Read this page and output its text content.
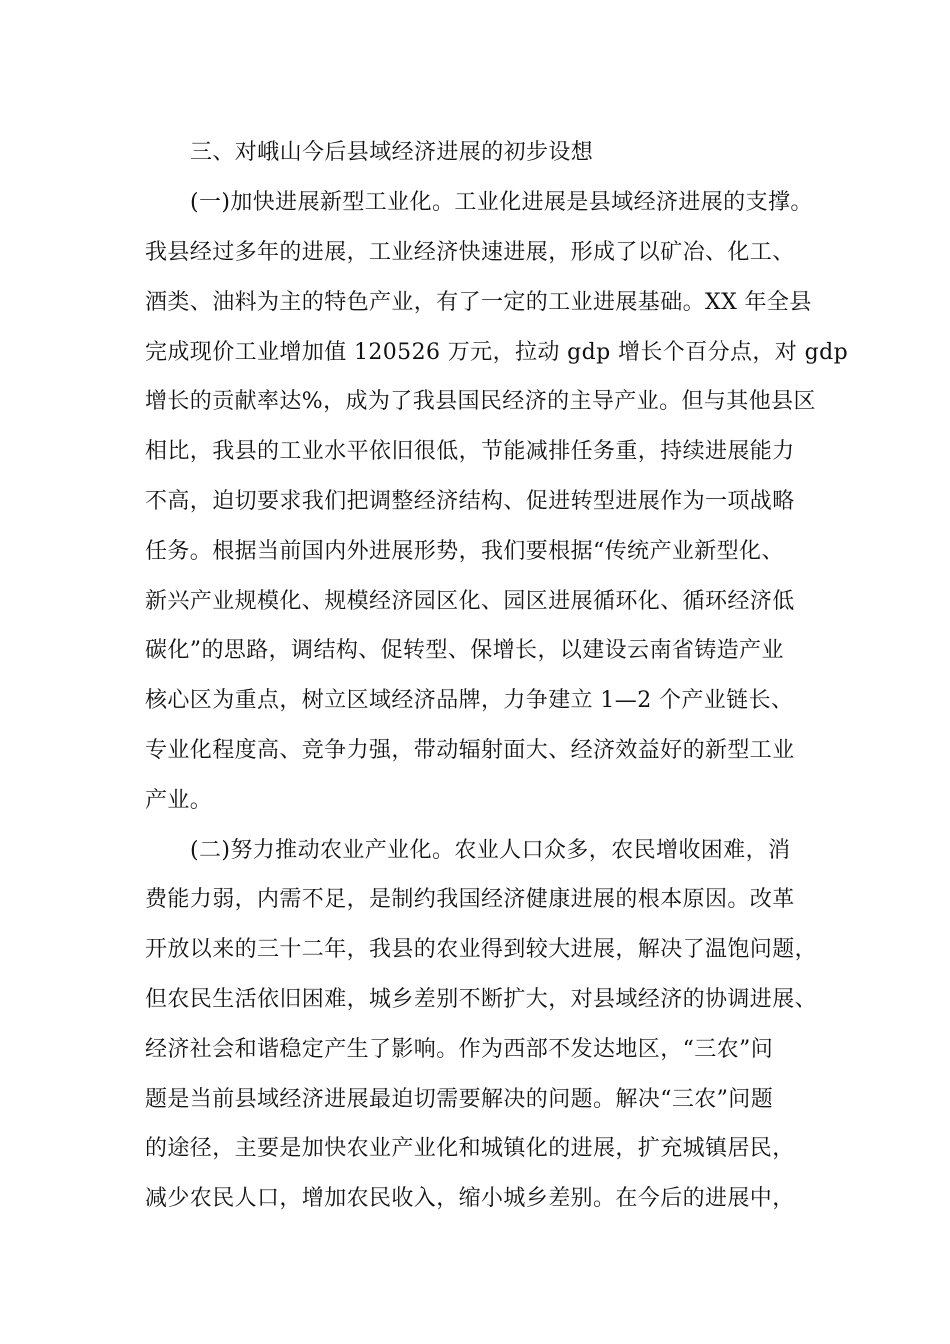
三、对峨山今后县域经济进展的初步设想
(一)加快进展新型工业化。工业化进展是县域经济进展的支撑。
我县经过多年的进展，工业经济快速进展，形成了以矿冶、化工、
酒类、油料为主的特色产业，有了一定的工业进展基础。XX 年全县
完成现价工业增加值 120526 万元，拉动 gdp 增长个百分点，对 gdp
增长的贡献率达%，成为了我县国民经济的主导产业。但与其他县区
相比，我县的工业水平依旧很低，节能减排任务重，持续进展能力
不高，迫切要求我们把调整经济结构、促进转型进展作为一项战略
任务。根据当前国内外进展形势，我们要根据“传统产业新型化、
新兴产业规模化、规模经济园区化、园区进展循环化、循环经济低
碳化”的思路，调结构、促转型、保增长，以建设云南省铸造产业
核心区为重点，树立区域经济品牌，力争建立 1—2 个产业链长、
专业化程度高、竞争力强，带动辐射面大、经济效益好的新型工业
产业。
(二)努力推动农业产业化。农业人口众多，农民增收困难，消
费能力弱，内需不足，是制约我国经济健康进展的根本原因。改革
开放以来的三十二年，我县的农业得到较大进展，解决了温饱问题，
但农民生活依旧困难，城乡差别不断扩大，对县域经济的协调进展、
经济社会和谐稳定产生了影响。作为西部不发达地区，“三农”问
题是当前县域经济进展最迫切需要解决的问题。解决“三农”问题
的途径，主要是加快农业产业化和城镇化的进展，扩充城镇居民，
减少农民人口，增加农民收入，缩小城乡差别。在今后的进展中，
